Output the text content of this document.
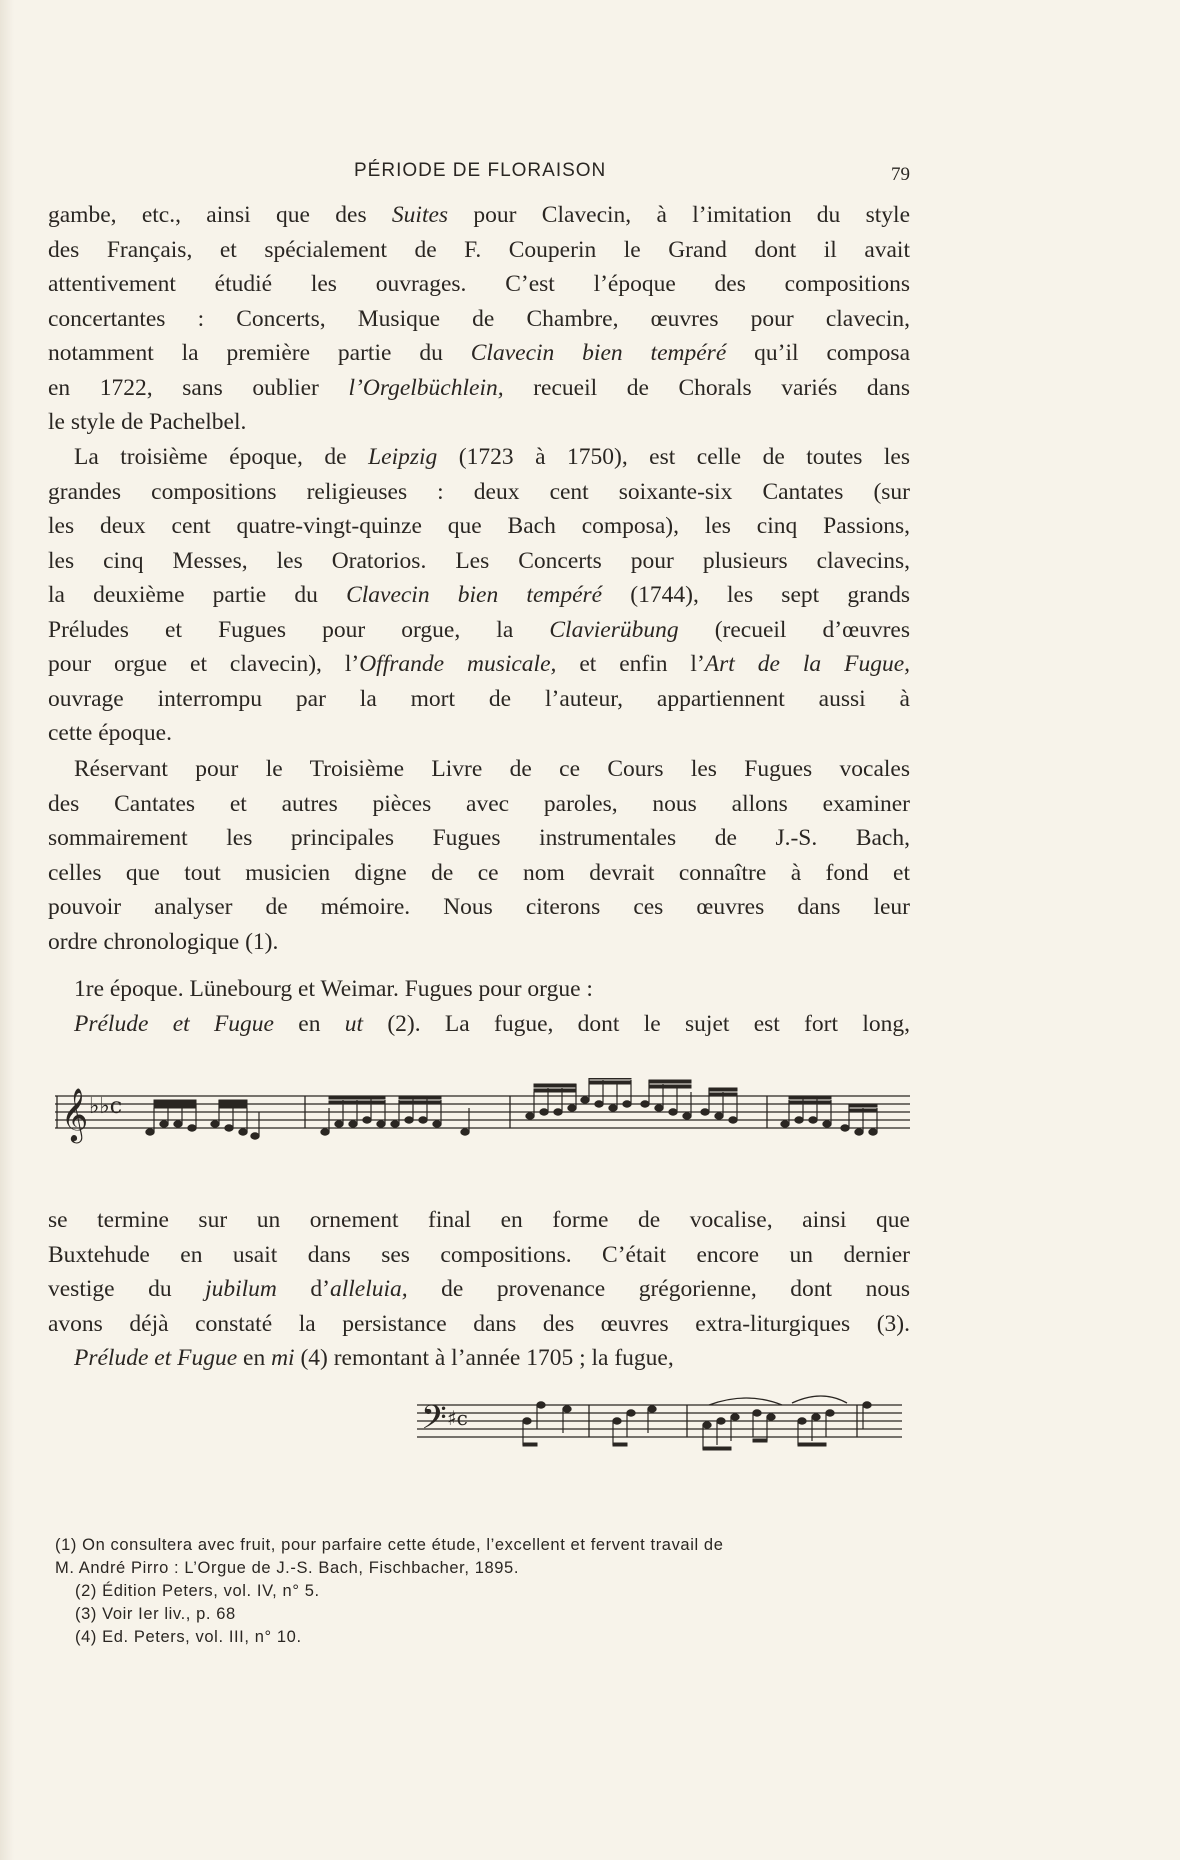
PÉRIODE DE FLORAISON	79
gambe, etc., ainsi que des Suites pour Clavecin, à l’imitation du style
des Français, et spécialement de F. Couperin le Grand dont il avait
attentivement étudié les ouvrages. C’est l’époque des compositions
concertantes : Concerts, Musique de Chambre, œuvres pour clavecin,
notamment la première partie du Clavecin bien tempéré qu’il composa
en 1722, sans oublier l’Orgelbüchlein, recueil de Chorals variés dans
le style de Pachelbel.
La troisième époque, de Leipzig (1723 à 1750), est celle de toutes les
grandes compositions religieuses : deux cent soixante-six Cantates (sur
les deux cent quatre-vingt-quinze que Bach composa), les cinq Passions,
les cinq Messes, les Oratorios. Les Concerts pour plusieurs clavecins,
la deuxième partie du Clavecin bien tempéré (1744), les sept grands
Préludes et Fugues pour orgue, la Clavierübung (recueil d’œuvres
pour orgue et clavecin), l’Offrande musicale, et enfin l’Art de la Fugue,
ouvrage interrompu par la mort de l’auteur, appartiennent aussi à
cette époque.
Réservant pour le Troisième Livre de ce Cours les Fugues vocales
des Cantates et autres pièces avec paroles, nous allons examiner
sommairement les principales Fugues instrumentales de J.-S. Bach,
celles que tout musicien digne de ce nom devrait connaître à fond et
pouvoir analyser de mémoire. Nous citerons ces œuvres dans leur
ordre chronologique (1).
1re époque. Lünebourg et Weimar. Fugues pour orgue :
Prélude et Fugue en ut (2). La fugue, dont le sujet est fort long,
𝄞 ♭♭c
se termine sur un ornement final en forme de vocalise, ainsi que
Buxtehude en usait dans ses compositions. C’était encore un dernier
vestige du jubilum d’alleluia, de provenance grégorienne, dont nous
avons déjà constaté la persistance dans des œuvres extra-liturgiques (3).
Prélude et Fugue en mi (4) remontant à l’année 1705 ; la fugue,
𝄢 ♯c
(1) On consultera avec fruit, pour parfaire cette étude, l’excellent et fervent travail de
M. André Pirro : L’Orgue de J.-S. Bach, Fischbacher, 1895.
(2) Édition Peters, vol. IV, n° 5.
(3) Voir Ier liv., p. 68
(4) Ed. Peters, vol. III, n° 10.
